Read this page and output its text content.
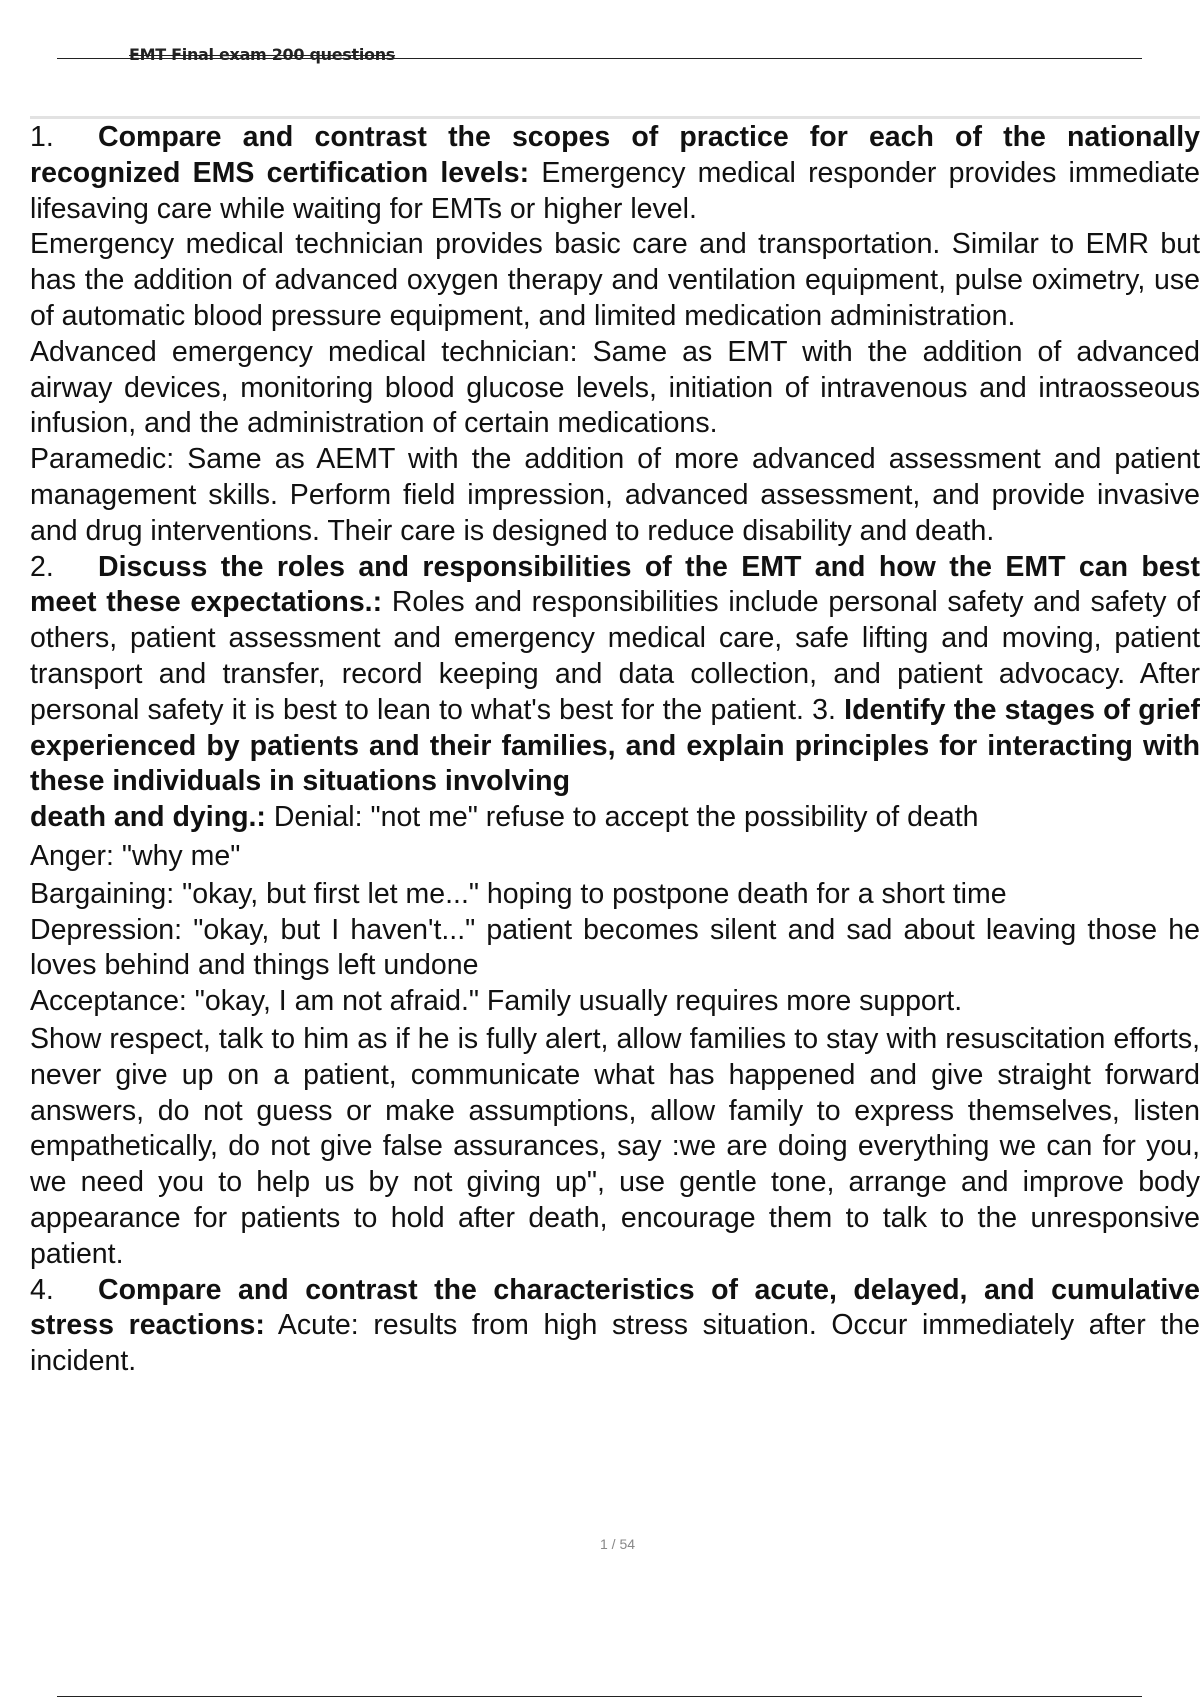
EMT Final exam 200 questions

1. Compare and contrast the scopes of practice for each of the nationally recognized EMS certification levels: Emergency medical responder provides immediate lifesaving care while waiting for EMTs or higher level.

Emergency medical technician provides basic care and transportation. Similar to EMR but has the addition of advanced oxygen therapy and ventilation equipment, pulse oximetry, use of automatic blood pressure equipment, and limited medication administration.

Advanced emergency medical technician: Same as EMT with the addition of advanced airway devices, monitoring blood glucose levels, initiation of intravenous and intraosseous infusion, and the administration of certain medications.

Paramedic: Same as AEMT with the addition of more advanced assessment and patient management skills. Perform field impression, advanced assessment, and provide invasive and drug interventions. Their care is designed to reduce disability and death.

2. Discuss the roles and responsibilities of the EMT and how the EMT can best meet these expectations.: Roles and responsibilities include personal safety and safety of others, patient assessment and emergency medical care, safe lifting and moving, patient transport and transfer, record keeping and data collection, and patient advocacy. After personal safety it is best to lean to what's best for the patient. 3. Identify the stages of grief experienced by patients and their families, and explain principles for interacting with these individuals in situations involving

death and dying.: Denial: "not me" refuse to accept the possibility of death

Anger: "why me"

Bargaining: "okay, but first let me..." hoping to postpone death for a short time

Depression: "okay, but I haven't..." patient becomes silent and sad about leaving those he loves behind and things left undone

Acceptance: "okay, I am not afraid." Family usually requires more support.

Show respect, talk to him as if he is fully alert, allow families to stay with resuscitation efforts, never give up on a patient, communicate what has happened and give straight forward answers, do not guess or make assumptions, allow family to express themselves, listen empathetically, do not give false assurances, say :we are doing everything we can for you, we need you to help us by not giving up", use gentle tone, arrange and improve body appearance for patients to hold after death, encourage them to talk to the unresponsive patient.

4. Compare and contrast the characteristics of acute, delayed, and cumulative stress reactions: Acute: results from high stress situation. Occur immediately after the incident.

1 / 54
